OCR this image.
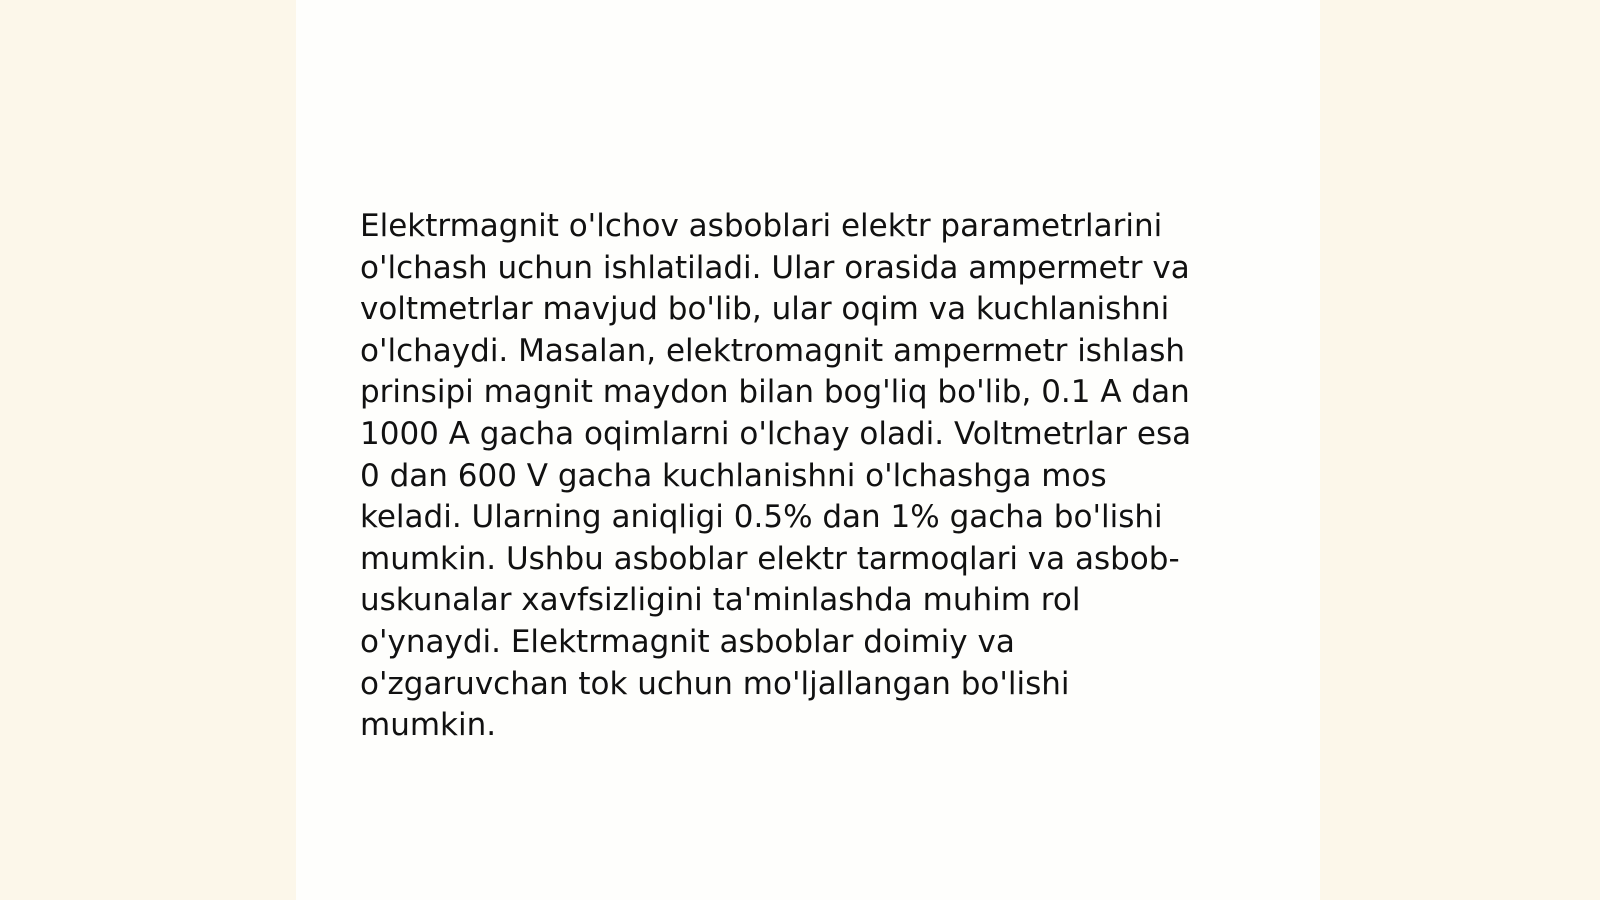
Elektrmagnit o'lchov asboblari elektr parametrlarini
o'lchash uchun ishlatiladi. Ular orasida ampermetr va
voltmetrlar mavjud bo'lib, ular oqim va kuchlanishni
o'lchaydi. Masalan, elektromagnit ampermetr ishlash
prinsipi magnit maydon bilan bog'liq bo'lib, 0.1 A dan
1000 A gacha oqimlarni o'lchay oladi. Voltmetrlar esa
0 dan 600 V gacha kuchlanishni o'lchashga mos
keladi. Ularning aniqligi 0.5% dan 1% gacha bo'lishi
mumkin. Ushbu asboblar elektr tarmoqlari va asbob-
uskunalar xavfsizligini ta'minlashda muhim rol
o'ynaydi. Elektrmagnit asboblar doimiy va
o'zgaruvchan tok uchun mo'ljallangan bo'lishi
mumkin.
